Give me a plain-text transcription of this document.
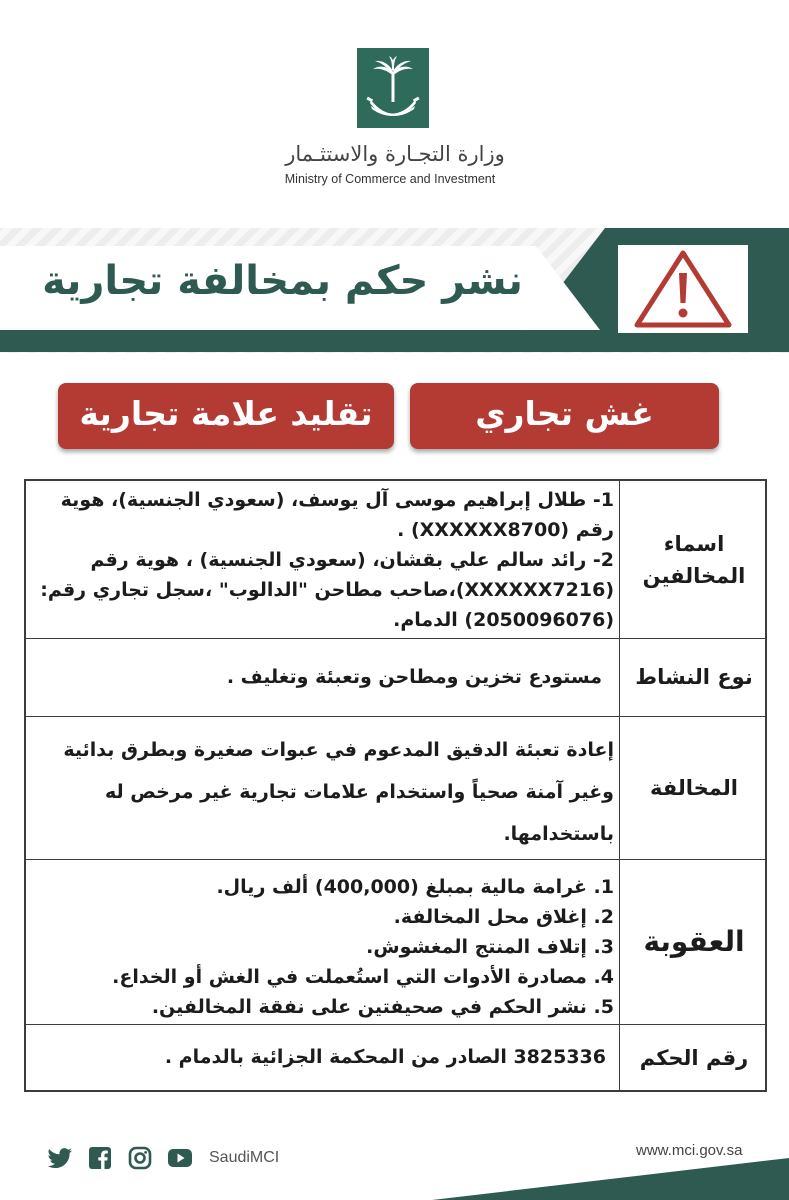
وزارة التجـارة والاستثـمار
Ministry of Commerce and Investment
نشر حكم بمخالفة تجارية
غش تجاري
تقليد علامة تجارية
اسماء المخالفين
1- طلال إبراهيم موسى آل يوسف، (سعودي الجنسية)، هوية رقم (XXXXXX8700) .
2- رائد سالم علي بقشان، (سعودي الجنسية) ، هوية رقم (XXXXXX7216)،صاحب مطاحن "الدالوب" ،سجل تجاري رقم: (2050096076) الدمام.
نوع النشاط
مستودع تخزين ومطاحن وتعبئة وتغليف .
المخالفة
إعادة تعبئة الدقيق المدعوم في عبوات صغيرة وبطرق بدائية وغير آمنة صحياً واستخدام علامات تجارية غير مرخص له باستخدامها.
العقوبة
1. غرامة مالية بمبلغ (400,000) ألف ريال.
2. إغلاق محل المخالفة.
3. إتلاف المنتج المغشوش.
4. مصادرة الأدوات التي استُعملت في الغش أو الخداع.
5. نشر الحكم في صحيفتين على نفقة المخالفين.
رقم الحكم
3825336 الصادر من المحكمة الجزائية بالدمام .
SaudiMCI	www.mci.gov.sa
